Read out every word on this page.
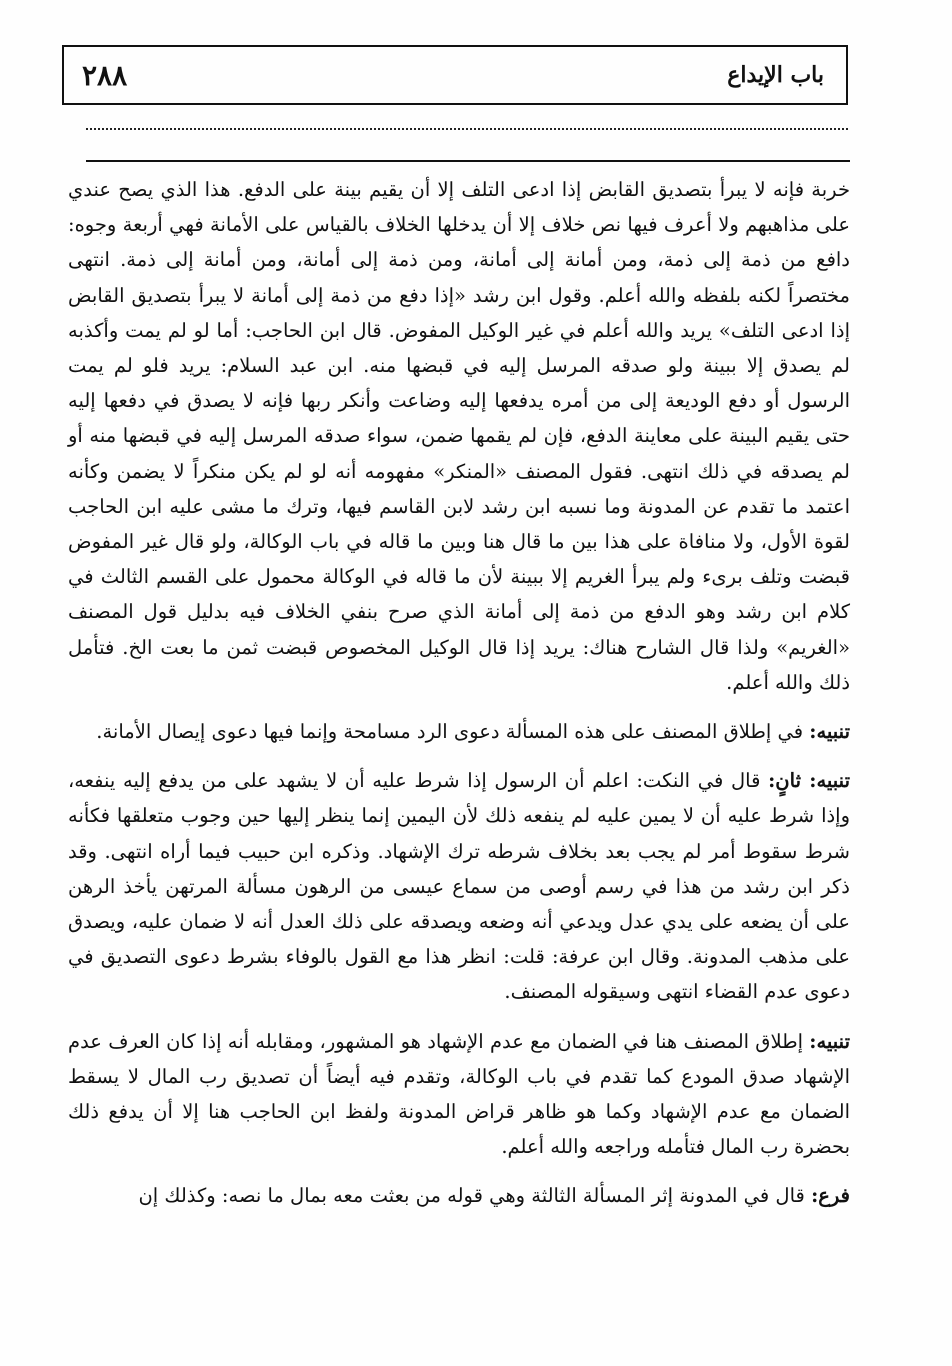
٢٨٨	باب الإيداع

خربة فإنه لا يبرأ بتصديق القابض إذا ادعى التلف إلا أن يقيم بينة على الدفع. هذا الذي يصح عندي على مذاهبهم ولا أعرف فيها نص خلاف إلا أن يدخلها الخلاف بالقياس على الأمانة فهي أربعة وجوه: دافع من ذمة إلى ذمة، ومن أمانة إلى أمانة، ومن ذمة إلى أمانة، ومن أمانة إلى ذمة. انتهى مختصراً لكنه بلفظه والله أعلم. وقول ابن رشد «إذا دفع من ذمة إلى أمانة لا يبرأ بتصديق القابض إذا ادعى التلف» يريد والله أعلم في غير الوكيل المفوض. قال ابن الحاجب: أما لو لم يمت وأكذبه لم يصدق إلا ببينة ولو صدقه المرسل إليه في قبضها منه. ابن عبد السلام: يريد فلو لم يمت الرسول أو دفع الوديعة إلى من أمره يدفعها إليه وضاعت وأنكر ربها فإنه لا يصدق في دفعها إليه حتى يقيم البينة على معاينة الدفع، فإن لم يقمها ضمن، سواء صدقه المرسل إليه في قبضها منه أو لم يصدقه في ذلك انتهى. فقول المصنف «المنكر» مفهومه أنه لو لم يكن منكراً لا يضمن وكأنه اعتمد ما تقدم عن المدونة وما نسبه ابن رشد لابن القاسم فيها، وترك ما مشى عليه ابن الحاجب لقوة الأول، ولا منافاة على هذا بين ما قال هنا وبين ما قاله في باب الوكالة، ولو قال غير المفوض قبضت وتلف برىء ولم يبرأ الغريم إلا ببينة لأن ما قاله في الوكالة محمول على القسم الثالث في كلام ابن رشد وهو الدفع من ذمة إلى أمانة الذي صرح بنفي الخلاف فيه بدليل قول المصنف «الغريم» ولذا قال الشارح هناك: يريد إذا قال الوكيل المخصوص قبضت ثمن ما بعت الخ. فتأمل ذلك والله أعلم.

تنبيه: في إطلاق المصنف على هذه المسألة دعوى الرد مسامحة وإنما فيها دعوى إيصال الأمانة.

تنبيه: ثانٍ: قال في النكت: اعلم أن الرسول إذا شرط عليه أن لا يشهد على من يدفع إليه ينفعه، وإذا شرط عليه أن لا يمين عليه لم ينفعه ذلك لأن اليمين إنما ينظر إليها حين وجوب متعلقها فكأنه شرط سقوط أمر لم يجب بعد بخلاف شرطه ترك الإشهاد. وذكره ابن حبيب فيما أراه انتهى. وقد ذكر ابن رشد من هذا في رسم أوصى من سماع عيسى من الرهون مسألة المرتهن يأخذ الرهن على أن يضعه على يدي عدل ويدعي أنه وضعه ويصدقه على ذلك العدل أنه لا ضمان عليه، ويصدق على مذهب المدونة. وقال ابن عرفة: قلت: انظر هذا مع القول بالوفاء بشرط دعوى التصديق في دعوى عدم القضاء انتهى وسيقوله المصنف.

تنبيه: إطلاق المصنف هنا في الضمان مع عدم الإشهاد هو المشهور، ومقابله أنه إذا كان العرف عدم الإشهاد صدق المودع كما تقدم في باب الوكالة، وتقدم فيه أيضاً أن تصديق رب المال لا يسقط الضمان مع عدم الإشهاد وكما هو ظاهر قراض المدونة ولفظ ابن الحاجب هنا إلا أن يدفع ذلك بحضرة رب المال فتأمله وراجعه والله أعلم.

فرع: قال في المدونة إثر المسألة الثالثة وهي قوله من بعثت معه بمال ما نصه: وكذلك إن
